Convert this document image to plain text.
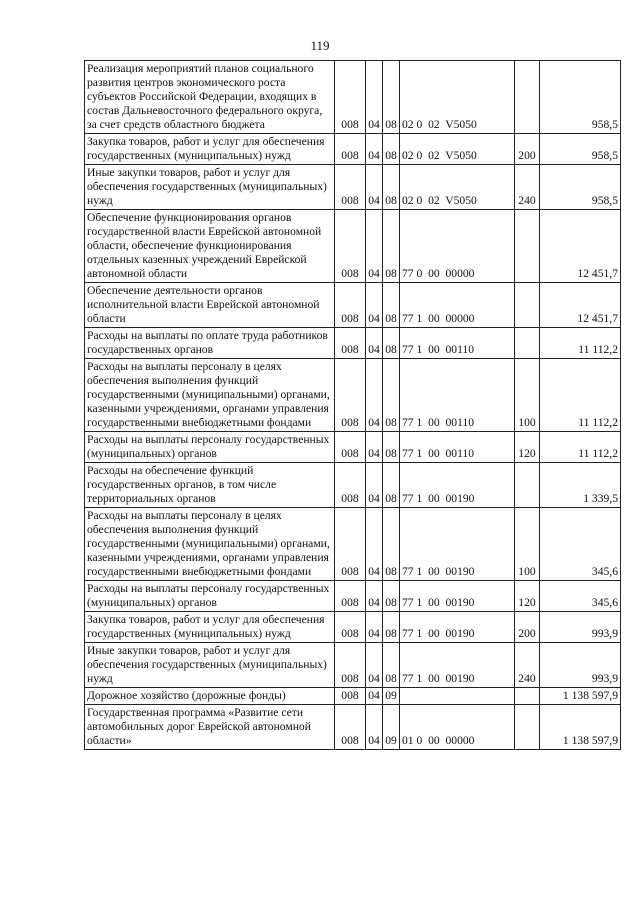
119
Реализация мероприятий планов социального развития центров экономического роста субъектов Российской Федерации, входящих в состав Дальневосточного федерального округа, за счет средств областного бюджета	008	04	08	02 0  02  V5050		958,5
Закупка товаров, работ и услуг для обеспечения государственных (муниципальных) нужд	008	04	08	02 0  02  V5050	200	958,5
Иные закупки товаров, работ и услуг для обеспечения государственных (муниципальных) нужд	008	04	08	02 0  02  V5050	240	958,5
Обеспечение функционирования органов государственной власти Еврейской автономной области, обеспечение функционирования отдельных казенных учреждений Еврейской автономной области	008	04	08	77 0  00  00000		12 451,7
Обеспечение деятельности органов исполнительной власти Еврейской автономной области	008	04	08	77 1  00  00000		12 451,7
Расходы на выплаты по оплате труда работников государственных органов	008	04	08	77 1  00  00110		11 112,2
Расходы на выплаты персоналу в целях обеспечения выполнения функций государственными (муниципальными) органами, казенными учреждениями, органами управления государственными внебюджетными фондами	008	04	08	77 1  00  00110	100	11 112,2
Расходы на выплаты персоналу государственных (муниципальных) органов	008	04	08	77 1  00  00110	120	11 112,2
Расходы на обеспечение функций государственных органов, в том числе территориальных органов	008	04	08	77 1  00  00190		1 339,5
Расходы на выплаты персоналу в целях обеспечения выполнения функций государственными (муниципальными) органами, казенными учреждениями, органами управления государственными внебюджетными фондами	008	04	08	77 1  00  00190	100	345,6
Расходы на выплаты персоналу государственных (муниципальных) органов	008	04	08	77 1  00  00190	120	345,6
Закупка товаров, работ и услуг для обеспечения государственных (муниципальных) нужд	008	04	08	77 1  00  00190	200	993,9
Иные закупки товаров, работ и услуг для обеспечения государственных (муниципальных) нужд	008	04	08	77 1  00  00190	240	993,9
Дорожное хозяйство (дорожные фонды)	008	04	09			1 138 597,9
Государственная программа «Развитие сети автомобильных дорог Еврейской автономной области»	008	04	09	01 0  00  00000		1 138 597,9
